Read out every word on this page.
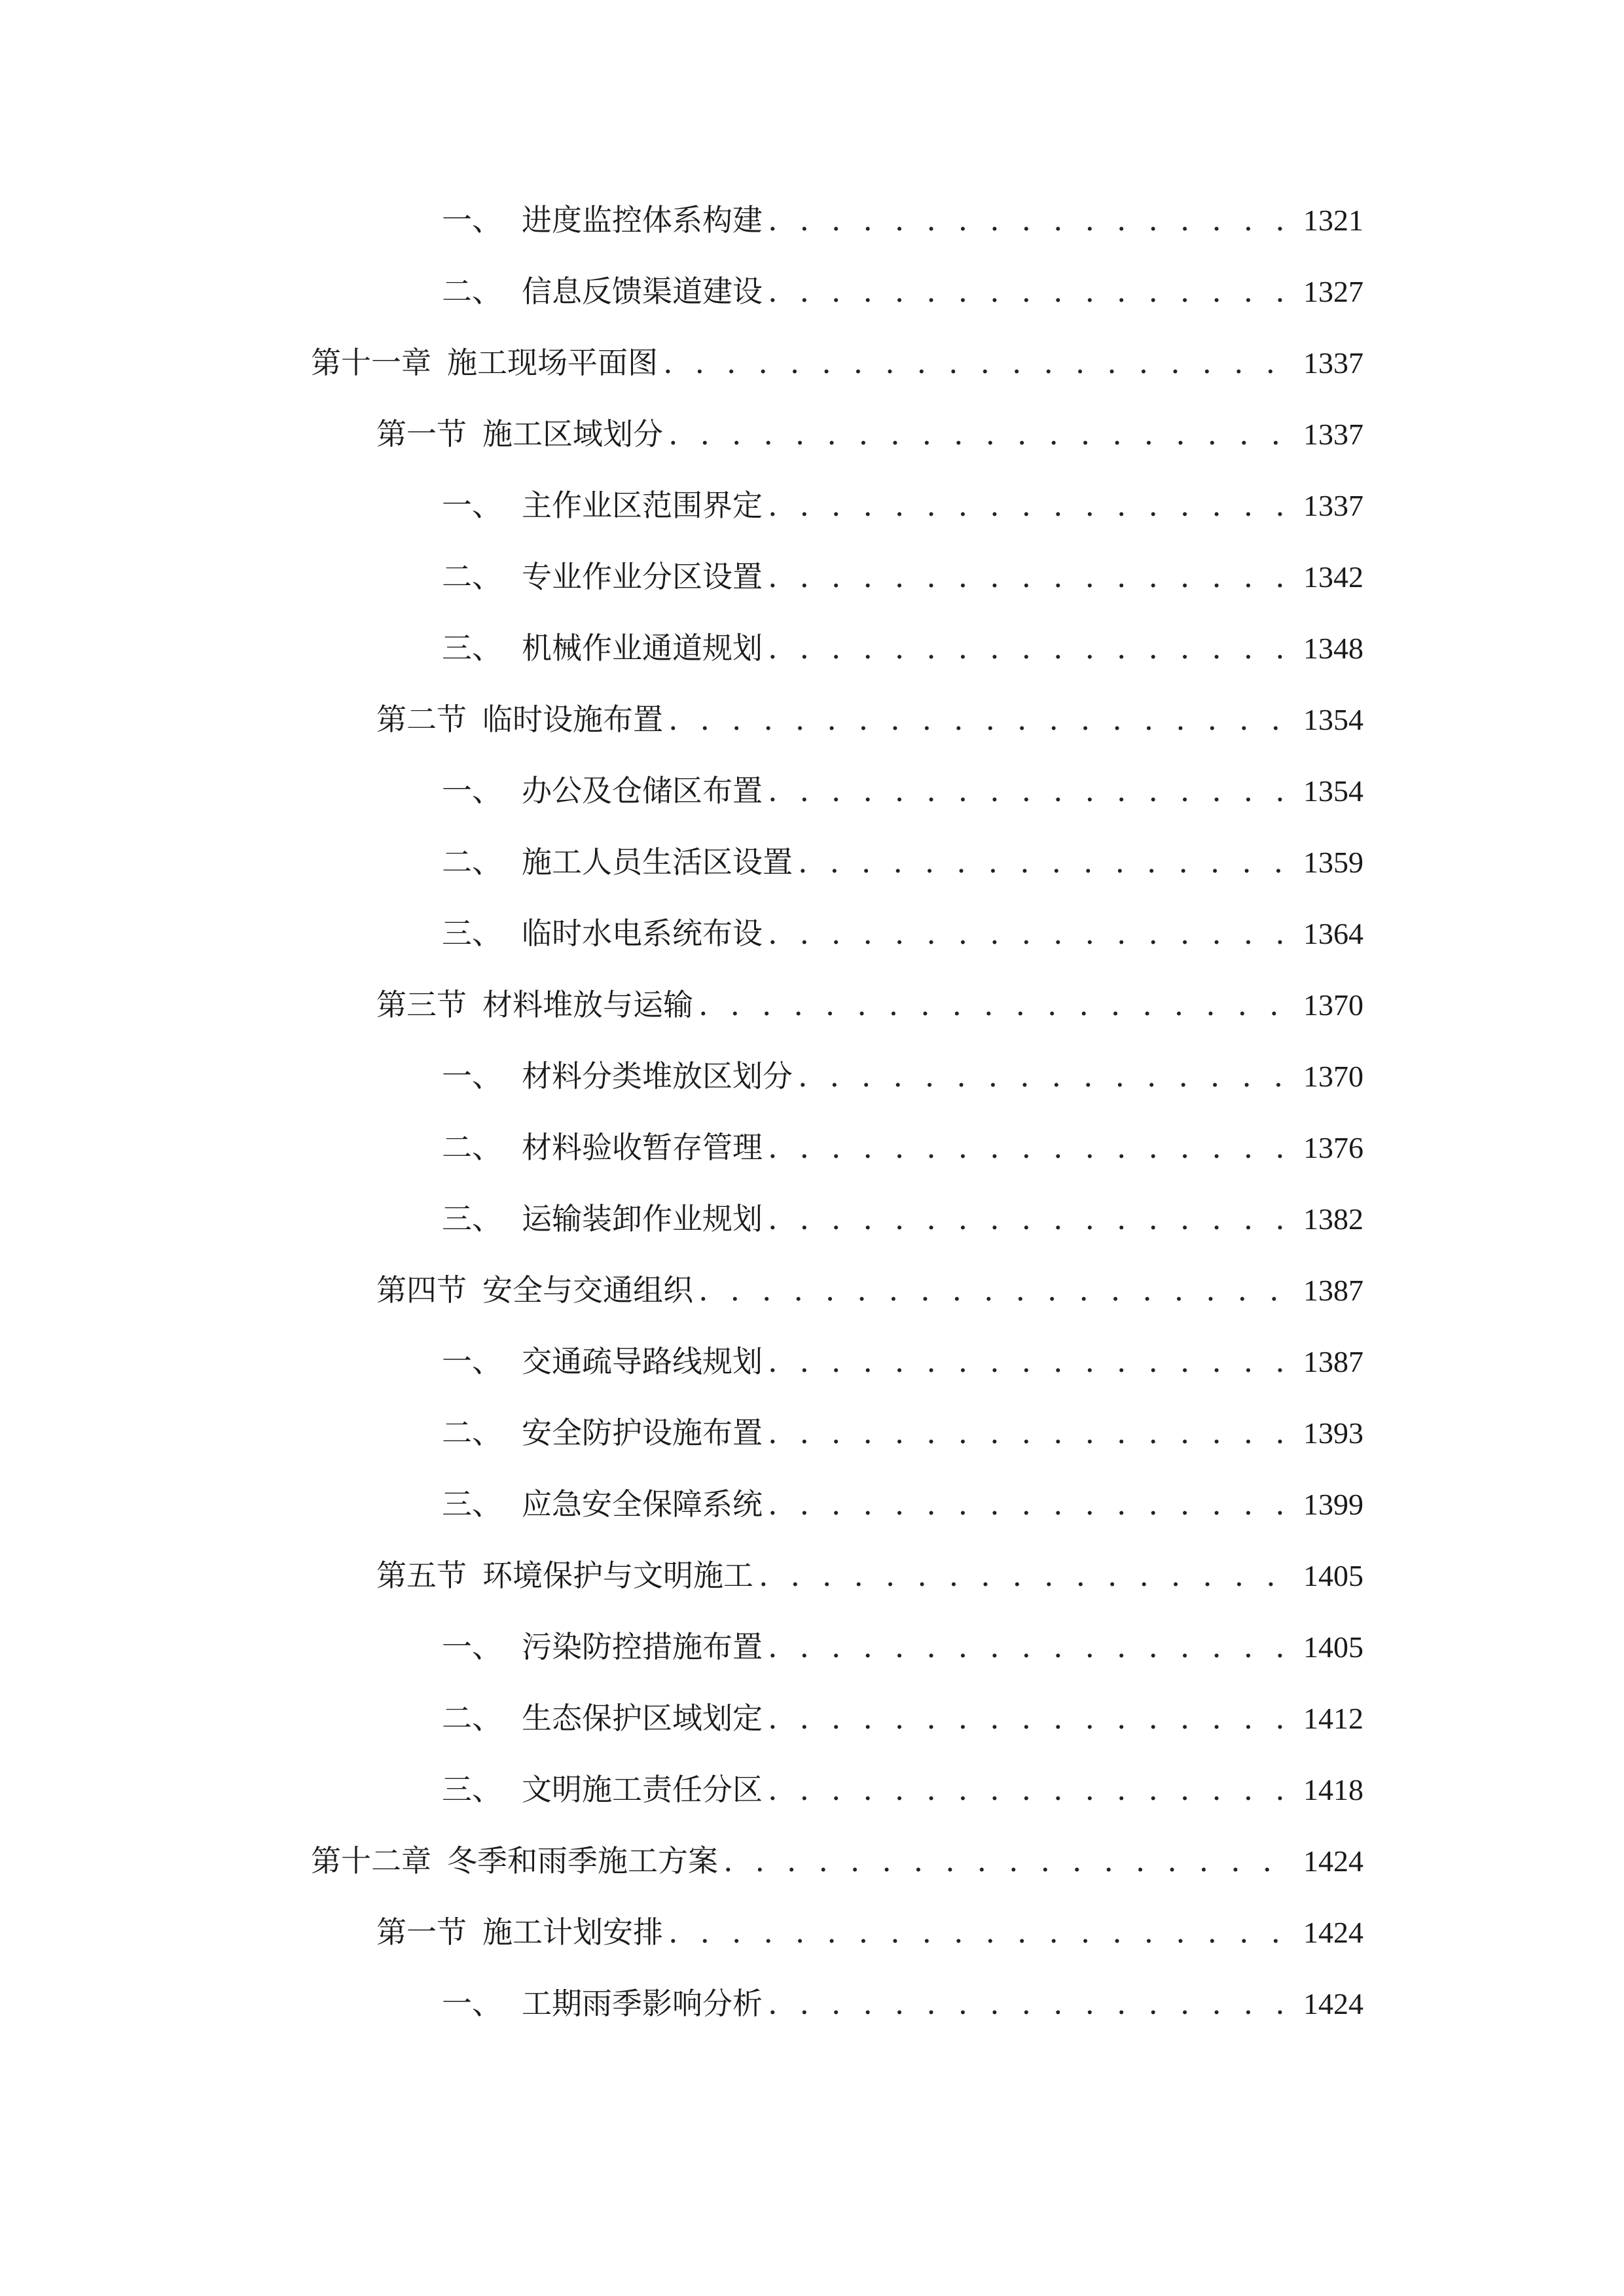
一、 进度监控体系构建 . . .	1321
二、 信息反馈渠道建设 . . .	1327
第十一章 施工现场平面图 . . .	1337
第一节 施工区域划分 . . .	1337
一、 主作业区范围界定 . . .	1337
二、 专业作业分区设置 . . .	1342
三、 机械作业通道规划 . . .	1348
第二节 临时设施布置 . . .	1354
一、 办公及仓储区布置 . . .	1354
二、 施工人员生活区设置 . . .	1359
三、 临时水电系统布设 . . .	1364
第三节 材料堆放与运输 . . .	1370
一、 材料分类堆放区划分 . . .	1370
二、 材料验收暂存管理 . . .	1376
三、 运输装卸作业规划 . . .	1382
第四节 安全与交通组织 . . .	1387
一、 交通疏导路线规划 . . .	1387
二、 安全防护设施布置 . . .	1393
三、 应急安全保障系统 . . .	1399
第五节 环境保护与文明施工 . . .	1405
一、 污染防控措施布置 . . .	1405
二、 生态保护区域划定 . . .	1412
三、 文明施工责任分区 . . .	1418
第十二章 冬季和雨季施工方案 . . .	1424
第一节 施工计划安排 . . .	1424
一、 工期雨季影响分析 . . .	1424
